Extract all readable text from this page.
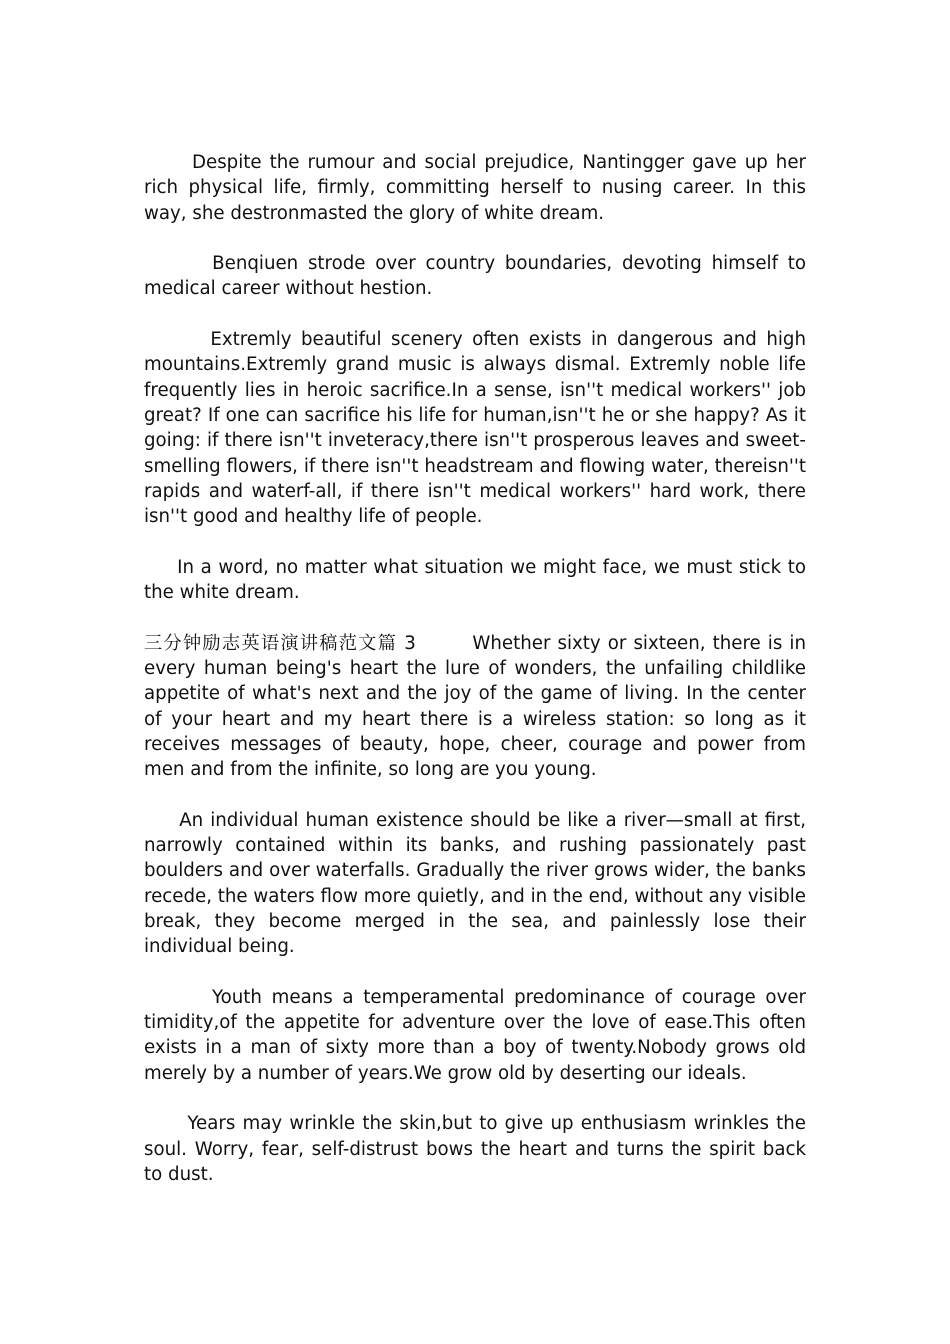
Despite the rumour and social prejudice, Nantingger gave up her rich physical life, firmly, committing herself to nusing career. In this way, she destronmasted the glory of white dream.

Benqiuen strode over country boundaries, devoting himself to medical career without hestion.

Extremly beautiful scenery often exists in dangerous and high mountains.Extremly grand music is always dismal. Extremly noble life frequently lies in heroic sacrifice.In a sense, isn''t medical workers'' job great? If one can sacrifice his life for human,isn''t he or she happy? As it going: if there isn''t inveteracy,there isn''t prosperous leaves and sweet-smelling flowers, if there isn''t headstream and flowing water, thereisn''t rapids and waterf-all, if there isn''t medical workers'' hard work, there isn''t good and healthy life of people.

In a word, no matter what situation we might face, we must stick to the white dream.

三分钟励志英语演讲稿范文篇 3        Whether sixty or sixteen, there is in every human being's heart the lure of wonders, the unfailing childlike appetite of what's next and the joy of the game of living. In the center of your heart and my heart there is a wireless station: so long as it receives messages of beauty, hope, cheer, courage and power from men and from the infinite, so long are you young.

An individual human existence should be like a river—small at first, narrowly contained within its banks, and rushing passionately past boulders and over waterfalls. Gradually the river grows wider, the banks recede, the waters flow more quietly, and in the end, without any visible break, they become merged in the sea, and painlessly lose their individual being.

Youth means a temperamental predominance of courage over timidity,of the appetite for adventure over the love of ease.This often exists in a man of sixty more than a boy of twenty.Nobody grows old merely by a number of years.We grow old by deserting our ideals.

Years may wrinkle the skin,but to give up enthusiasm wrinkles the soul. Worry, fear, self-distrust bows the heart and turns the spirit back to dust.
